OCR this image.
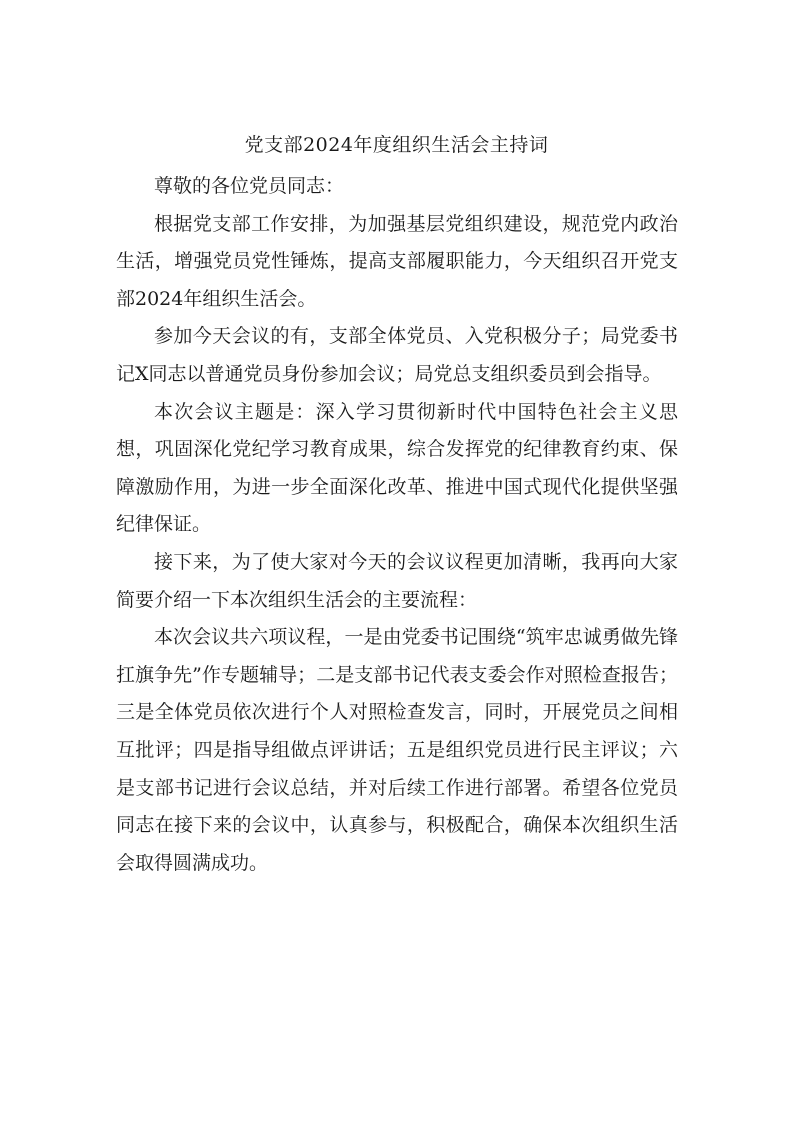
党支部2024年度组织生活会主持词

尊敬的各位党员同志：

根据党支部工作安排，为加强基层党组织建设，规范党内政治生活，增强党员党性锤炼，提高支部履职能力，今天组织召开党支部2024年组织生活会。

参加今天会议的有，支部全体党员、入党积极分子；局党委书记X同志以普通党员身份参加会议；局党总支组织委员到会指导。

本次会议主题是：深入学习贯彻新时代中国特色社会主义思想，巩固深化党纪学习教育成果，综合发挥党的纪律教育约束、保障激励作用，为进一步全面深化改革、推进中国式现代化提供坚强纪律保证。

接下来，为了使大家对今天的会议议程更加清晰，我再向大家简要介绍一下本次组织生活会的主要流程：

本次会议共六项议程，一是由党委书记围绕“筑牢忠诚勇做先锋扛旗争先”作专题辅导；二是支部书记代表支委会作对照检查报告；三是全体党员依次进行个人对照检查发言，同时，开展党员之间相互批评；四是指导组做点评讲话；五是组织党员进行民主评议；六是支部书记进行会议总结，并对后续工作进行部署。希望各位党员同志在接下来的会议中，认真参与，积极配合，确保本次组织生活会取得圆满成功。
